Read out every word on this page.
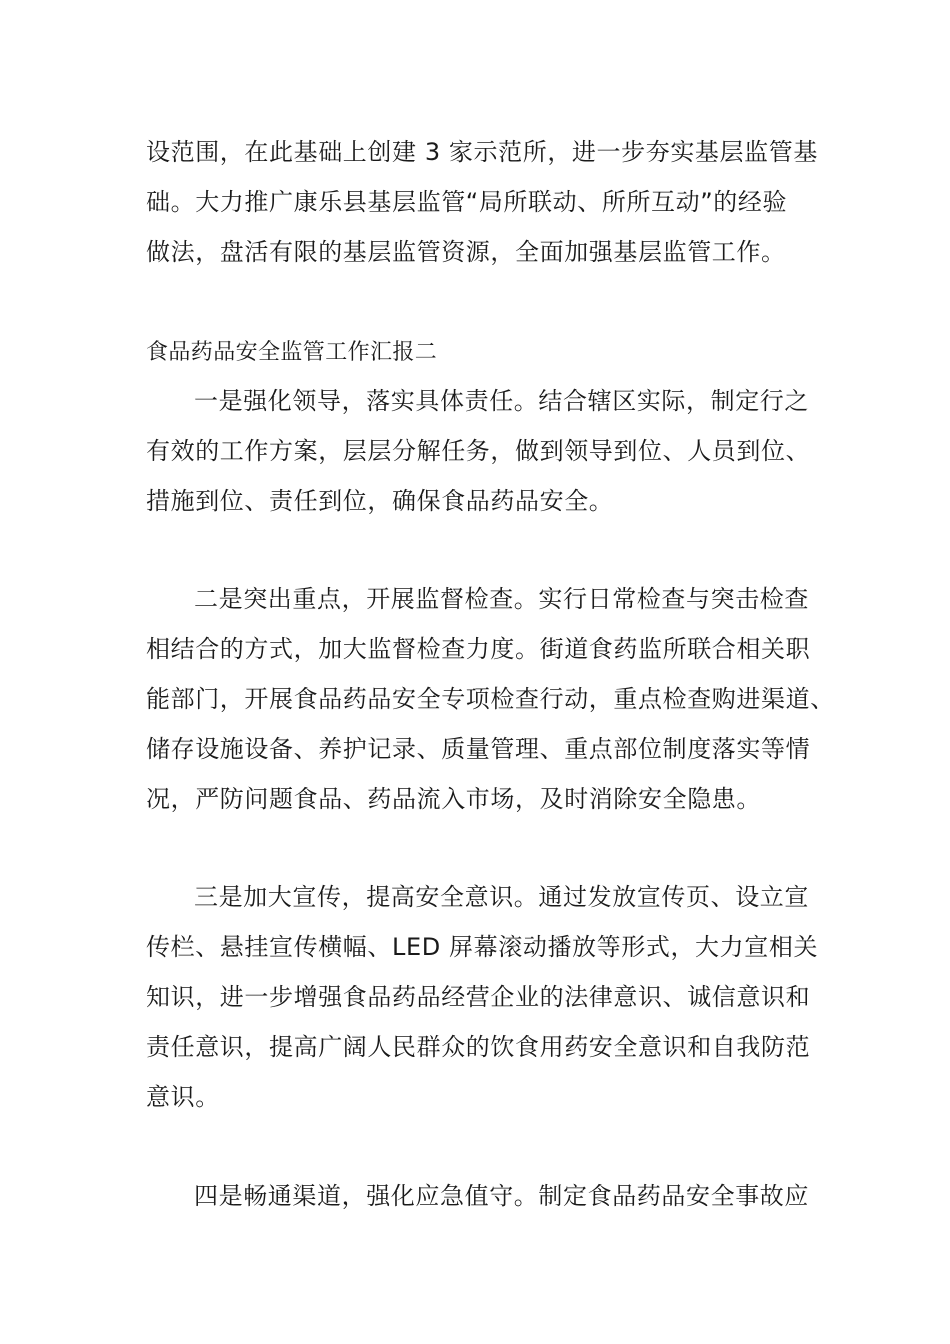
设范围，在此基础上创建 3 家示范所，进一步夯实基层监管基
础。大力推广康乐县基层监管“局所联动、所所互动”的经验
做法，盘活有限的基层监管资源，全面加强基层监管工作。
食品药品安全监管工作汇报二
一是强化领导，落实具体责任。结合辖区实际，制定行之
有效的工作方案，层层分解任务，做到领导到位、人员到位、
措施到位、责任到位，确保食品药品安全。
二是突出重点，开展监督检查。实行日常检查与突击检查
相结合的方式，加大监督检查力度。街道食药监所联合相关职
能部门，开展食品药品安全专项检查行动，重点检查购进渠道、
储存设施设备、养护记录、质量管理、重点部位制度落实等情
况，严防问题食品、药品流入市场，及时消除安全隐患。
三是加大宣传，提高安全意识。通过发放宣传页、设立宣
传栏、悬挂宣传横幅、LED 屏幕滚动播放等形式，大力宣相关
知识，进一步增强食品药品经营企业的法律意识、诚信意识和
责任意识，提高广阔人民群众的饮食用药安全意识和自我防范
意识。
四是畅通渠道，强化应急值守。制定食品药品安全事故应
